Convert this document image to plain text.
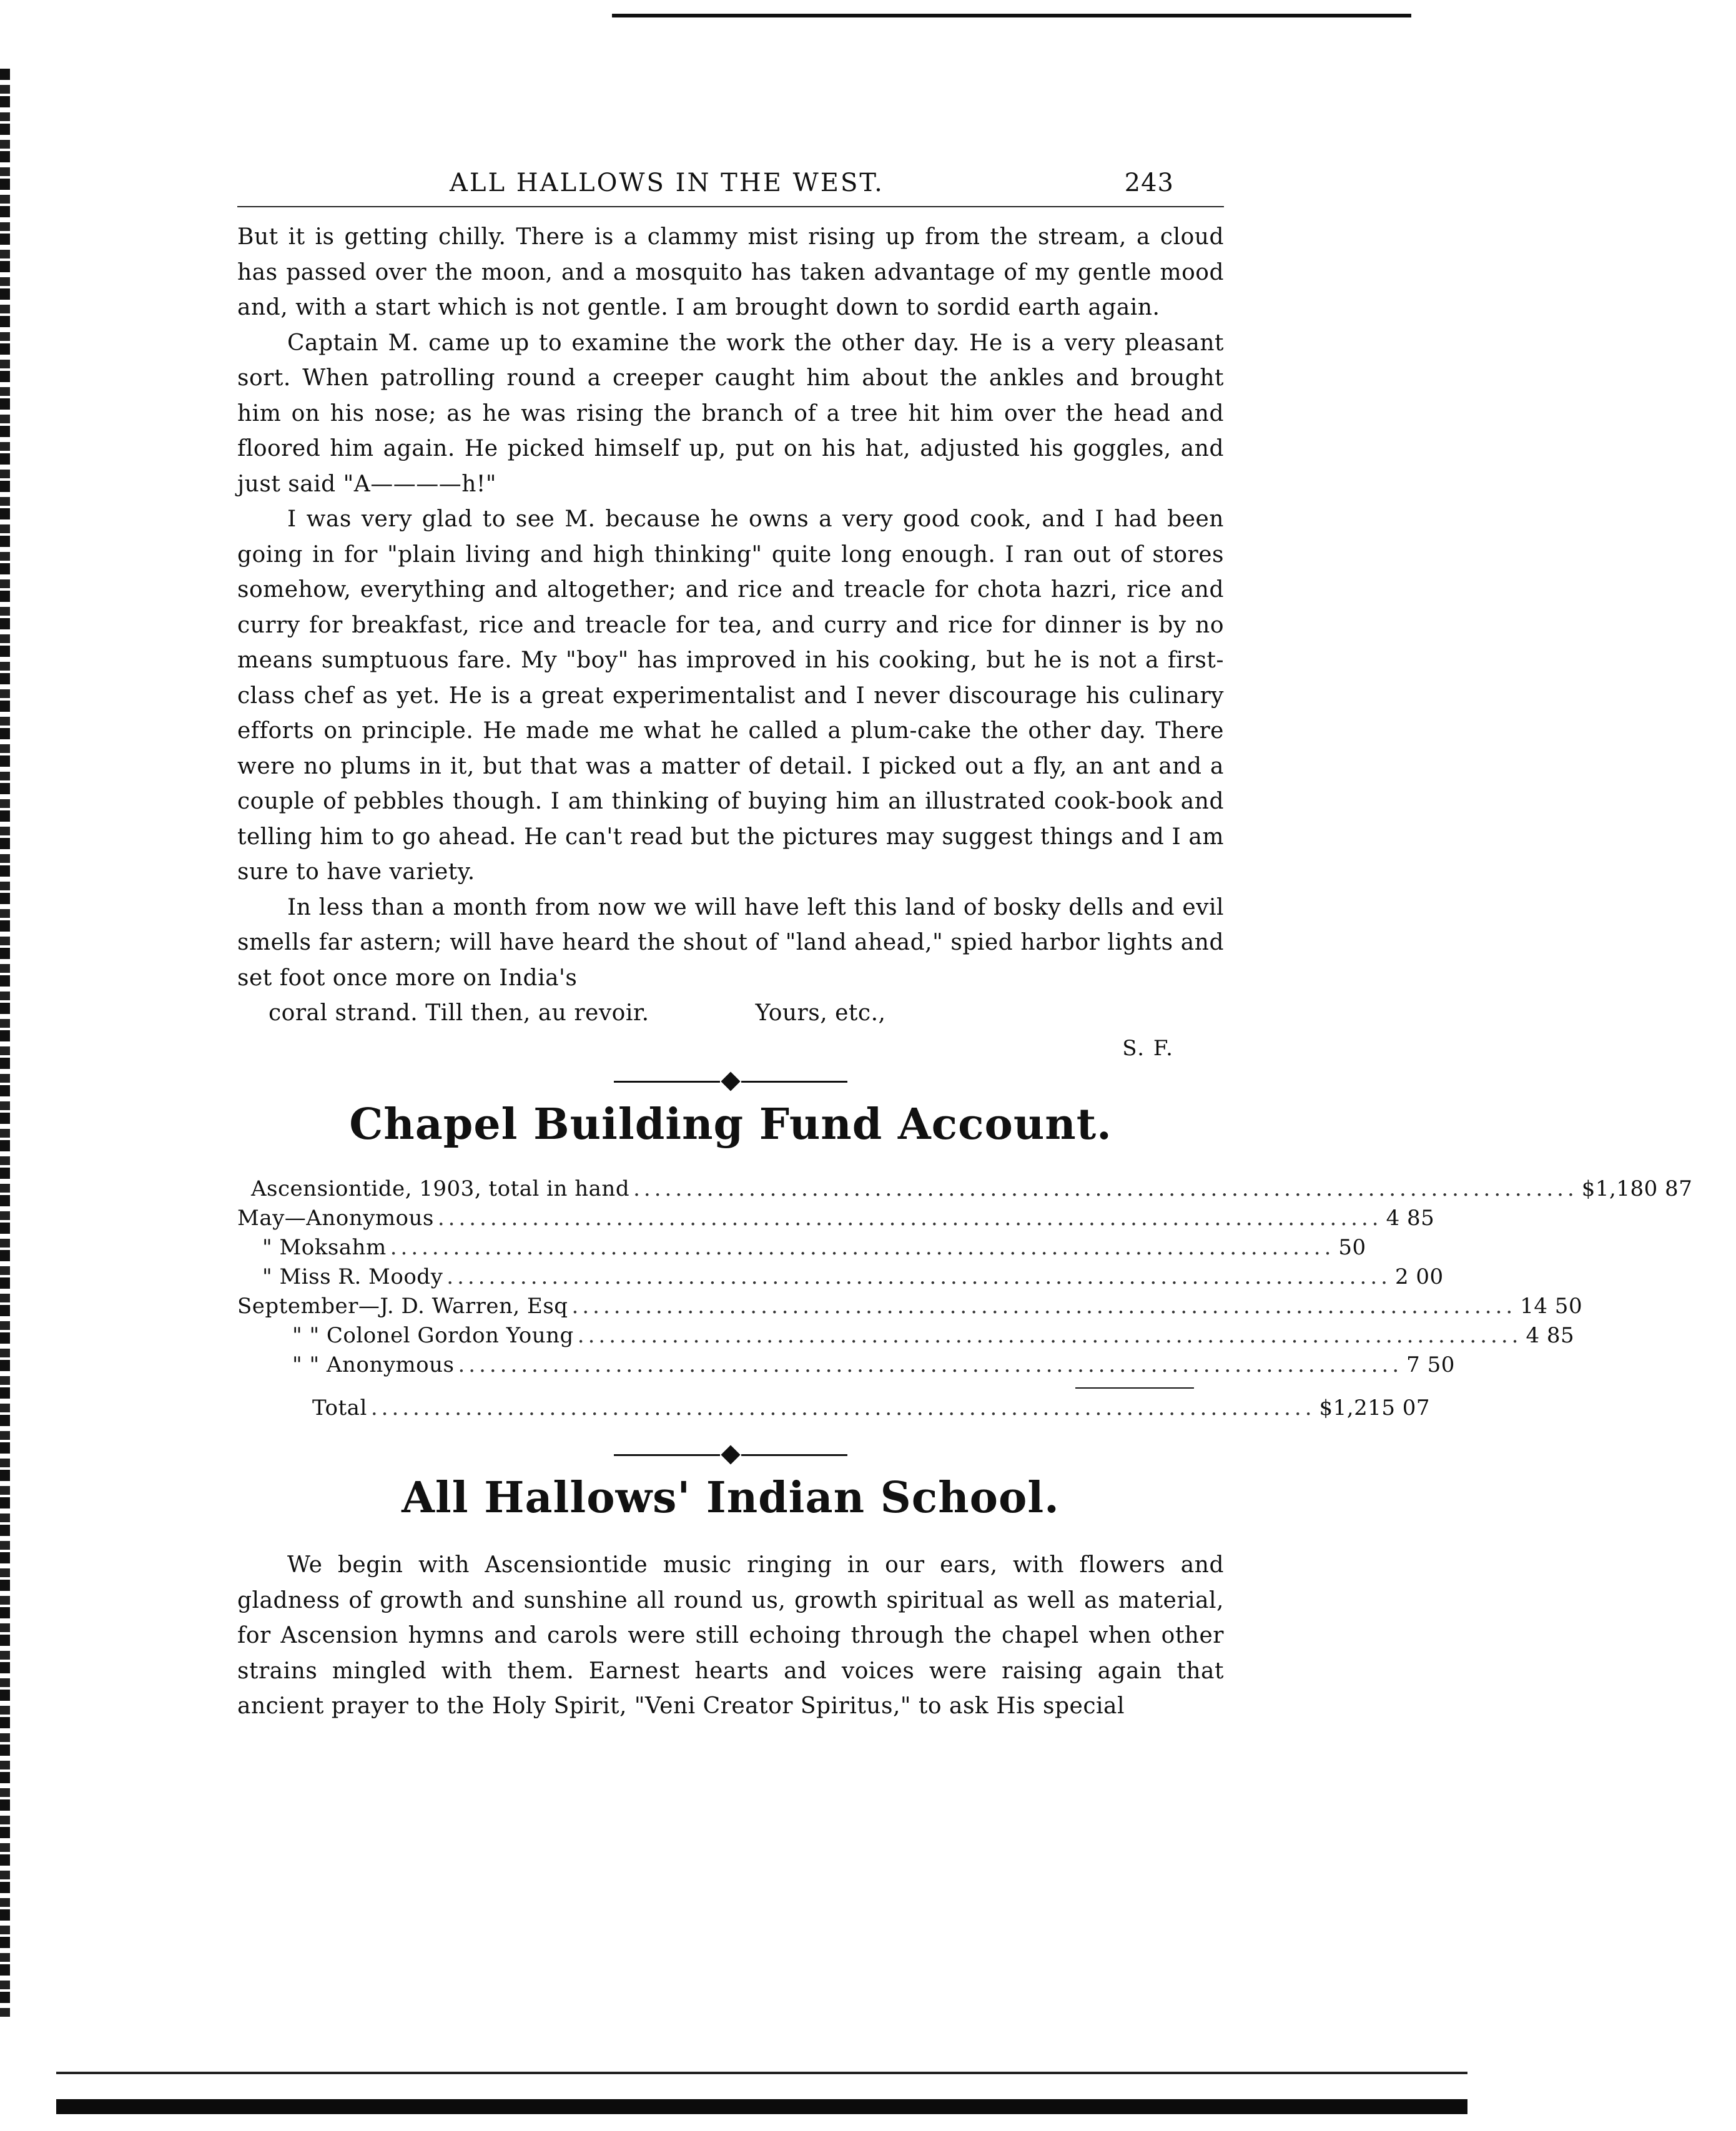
ALL HALLOWS IN THE WEST.	243

But it is getting chilly. There is a clammy mist rising up from the stream, a cloud has passed over the moon, and a mosquito has taken advantage of my gentle mood and, with a start which is not gentle. I am brought down to sordid earth again.

Captain M. came up to examine the work the other day. He is a very pleasant sort. When patrolling round a creeper caught him about the ankles and brought him on his nose; as he was rising the branch of a tree hit him over the head and floored him again. He picked himself up, put on his hat, adjusted his goggles, and just said "A————h!"

I was very glad to see M. because he owns a very good cook, and I had been going in for "plain living and high thinking" quite long enough. I ran out of stores somehow, everything and altogether; and rice and treacle for chota hazri, rice and curry for breakfast, rice and treacle for tea, and curry and rice for dinner is by no means sumptuous fare. My "boy" has improved in his cooking, but he is not a first-class chef as yet. He is a great experimentalist and I never discourage his culinary efforts on principle. He made me what he called a plum-cake the other day. There were no plums in it, but that was a matter of detail. I picked out a fly, an ant and a couple of pebbles though. I am thinking of buying him an illustrated cook-book and telling him to go ahead. He can't read but the pictures may suggest things and I am sure to have variety.

In less than a month from now we will have left this land of bosky dells and evil smells far astern; will have heard the shout of "land ahead," spied harbor lights and set foot once more on India's

coral strand. Till then, au revoir.	Yours, etc.,
S. F.
Chapel Building Fund Account.
Ascensiontide, 1903, total in hand .......................................................................................... $1,180 87
May—Anonymous .......................................................................................... 4 85
" Moksahm .......................................................................................... 50
" Miss R. Moody .......................................................................................... 2 00
September—J. D. Warren, Esq .......................................................................................... 14 50
" " Colonel Gordon Young .......................................................................................... 4 85
" " Anonymous .......................................................................................... 7 50
Total .......................................................................................... $1,215 07
All Hallows' Indian School.

We begin with Ascensiontide music ringing in our ears, with flowers and gladness of growth and sunshine all round us, growth spiritual as well as material, for Ascension hymns and carols were still echoing through the chapel when other strains mingled with them. Earnest hearts and voices were raising again that ancient prayer to the Holy Spirit, "Veni Creator Spiritus," to ask His special
